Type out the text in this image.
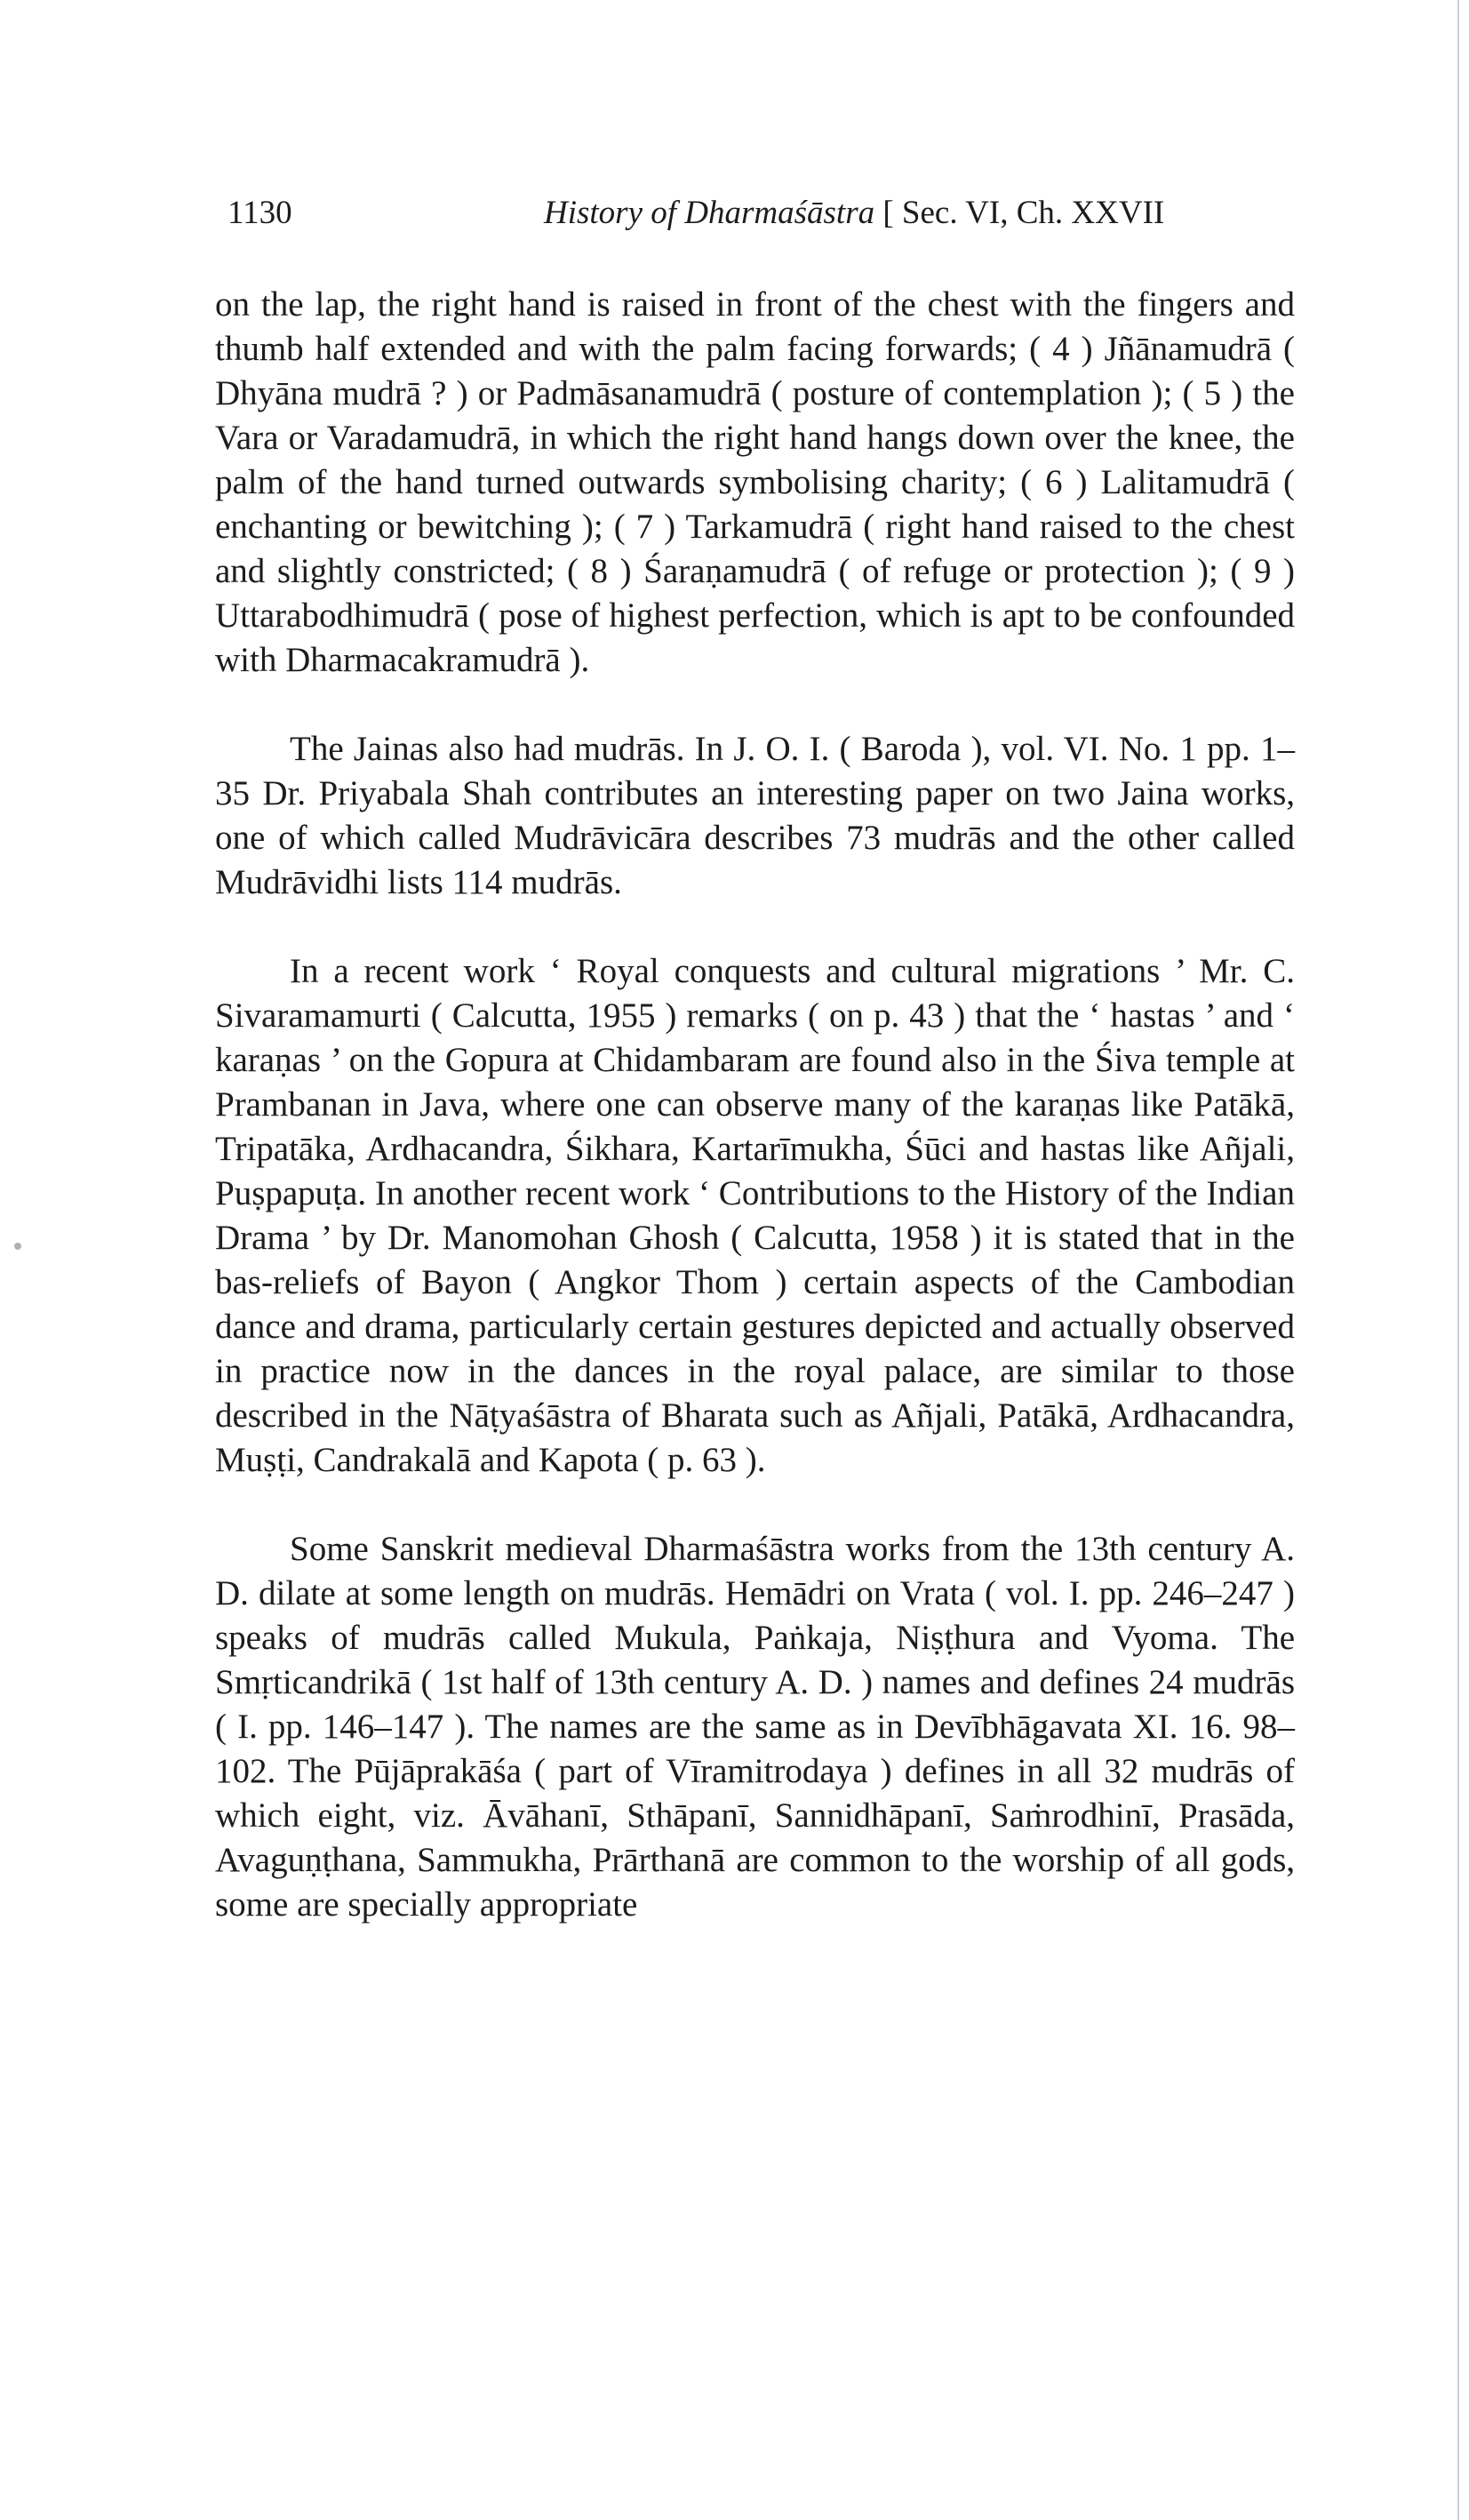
1130	History of Dharmaśāstra [ Sec. VI, Ch. XXVII

on the lap, the right hand is raised in front of the chest with the fingers and thumb half extended and with the palm facing forwards; ( 4 ) Jñānamudrā ( Dhyāna mudrā ? ) or Padmāsanamudrā ( posture of contemplation ); ( 5 ) the Vara or Varadamudrā, in which the right hand hangs down over the knee, the palm of the hand turned outwards symbolising charity; ( 6 ) Lalitamudrā ( enchanting or bewitching ); ( 7 ) Tarkamudrā ( right hand raised to the chest and slightly constricted; ( 8 ) Śaraṇamudrā ( of refuge or protection ); ( 9 ) Uttarabodhimudrā ( pose of highest perfection, which is apt to be confounded with Dharmacakramudrā ).

The Jainas also had mudrās. In J. O. I. ( Baroda ), vol. VI. No. 1 pp. 1–35 Dr. Priyabala Shah contributes an interesting paper on two Jaina works, one of which called Mudrāvicāra describes 73 mudrās and the other called Mudrāvidhi lists 114 mudrās.

In a recent work ‘ Royal conquests and cultural migrations ’ Mr. C. Sivaramamurti ( Calcutta, 1955 ) remarks ( on p. 43 ) that the ‘ hastas ’ and ‘ karaṇas ’ on the Gopura at Chidambaram are found also in the Śiva temple at Prambanan in Java, where one can observe many of the karaṇas like Patākā, Tripatāka, Ardhacandra, Śikhara, Kartarīmukha, Śūci and hastas like Añjali, Puṣpapuṭa. In another recent work ‘ Contributions to the History of the Indian Drama ’ by Dr. Manomohan Ghosh ( Calcutta, 1958 ) it is stated that in the bas-reliefs of Bayon ( Angkor Thom ) certain aspects of the Cambodian dance and drama, particularly certain gestures depicted and actually observed in practice now in the dances in the royal palace, are similar to those described in the Nāṭyaśāstra of Bharata such as Añjali, Patākā, Ardhacandra, Muṣṭi, Candrakalā and Kapota ( p. 63 ).

Some Sanskrit medieval Dharmaśāstra works from the 13th century A. D. dilate at some length on mudrās. Hemādri on Vrata ( vol. I. pp. 246–247 ) speaks of mudrās called Mukula, Paṅkaja, Niṣṭhura and Vyoma. The Smṛticandrikā ( 1st half of 13th century A. D. ) names and defines 24 mudrās ( I. pp. 146–147 ). The names are the same as in Devībhāgavata XI. 16. 98–102. The Pūjāprakāśa ( part of Vīramitrodaya ) defines in all 32 mudrās of which eight, viz. Āvāhanī, Sthāpanī, Sannidhāpanī, Saṁrodhinī, Prasāda, Avaguṇṭhana, Sammukha, Prārthanā are common to the worship of all gods, some are specially appropriate
